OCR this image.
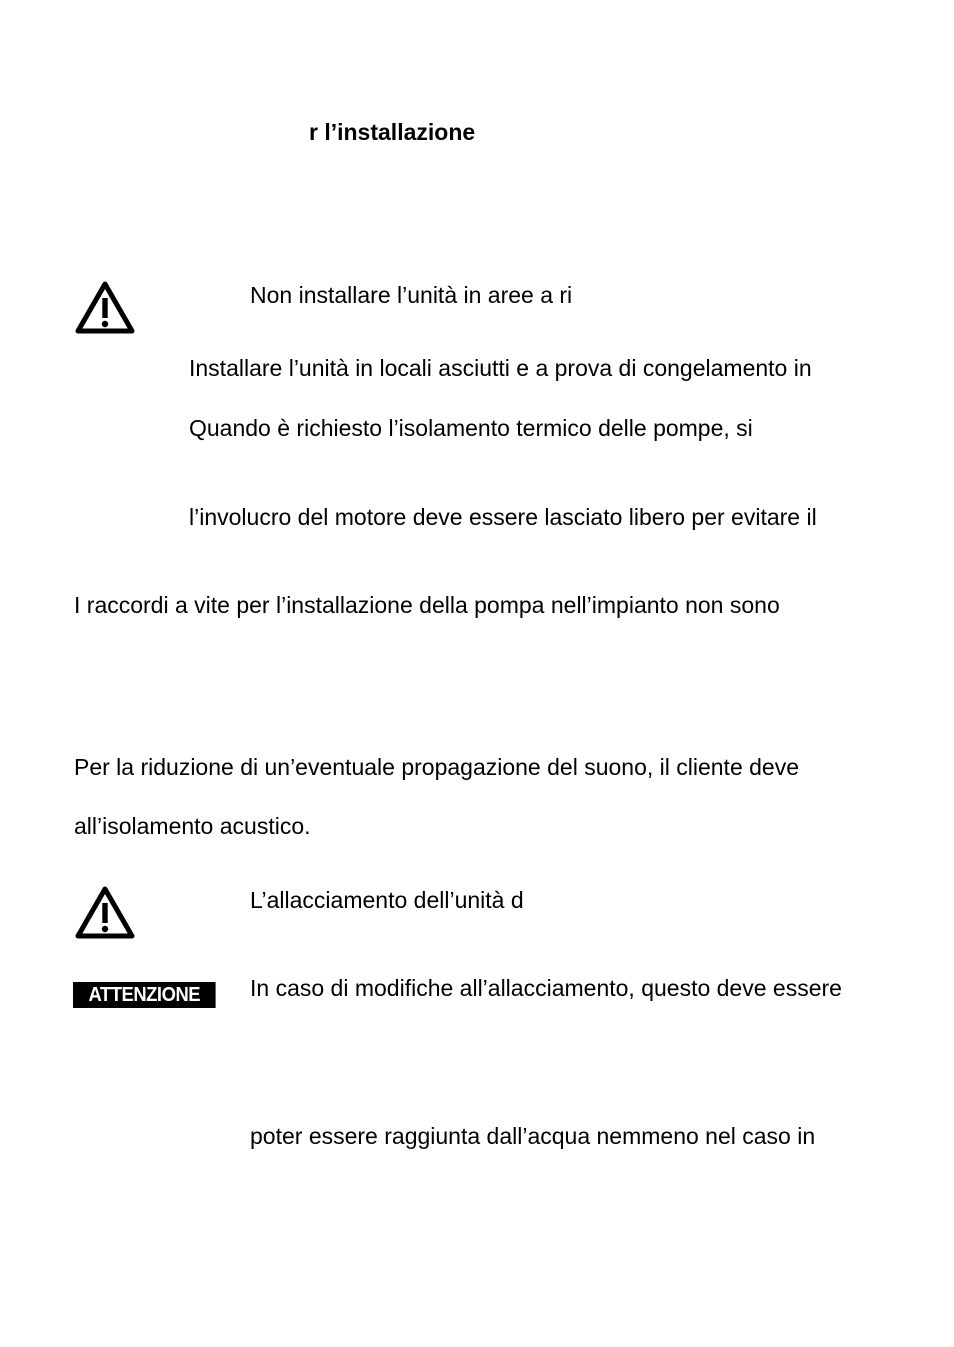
r l’installazione

Non installare l’unità in aree a ri

Installare l’unità in locali asciutti e a prova di congelamento in

Quando è richiesto l’isolamento termico delle pompe, si

l’involucro del motore deve essere lasciato libero per evitare il

I raccordi a vite per l’installazione della pompa nell’impianto non sono

Per la riduzione di un’eventuale propagazione del suono, il cliente deve

all’isolamento acustico.

L’allacciamento dell’unità d

ATTENZIONE	In caso di modifiche all’allacciamento, questo deve essere

poter essere raggiunta dall’acqua nemmeno nel caso in
